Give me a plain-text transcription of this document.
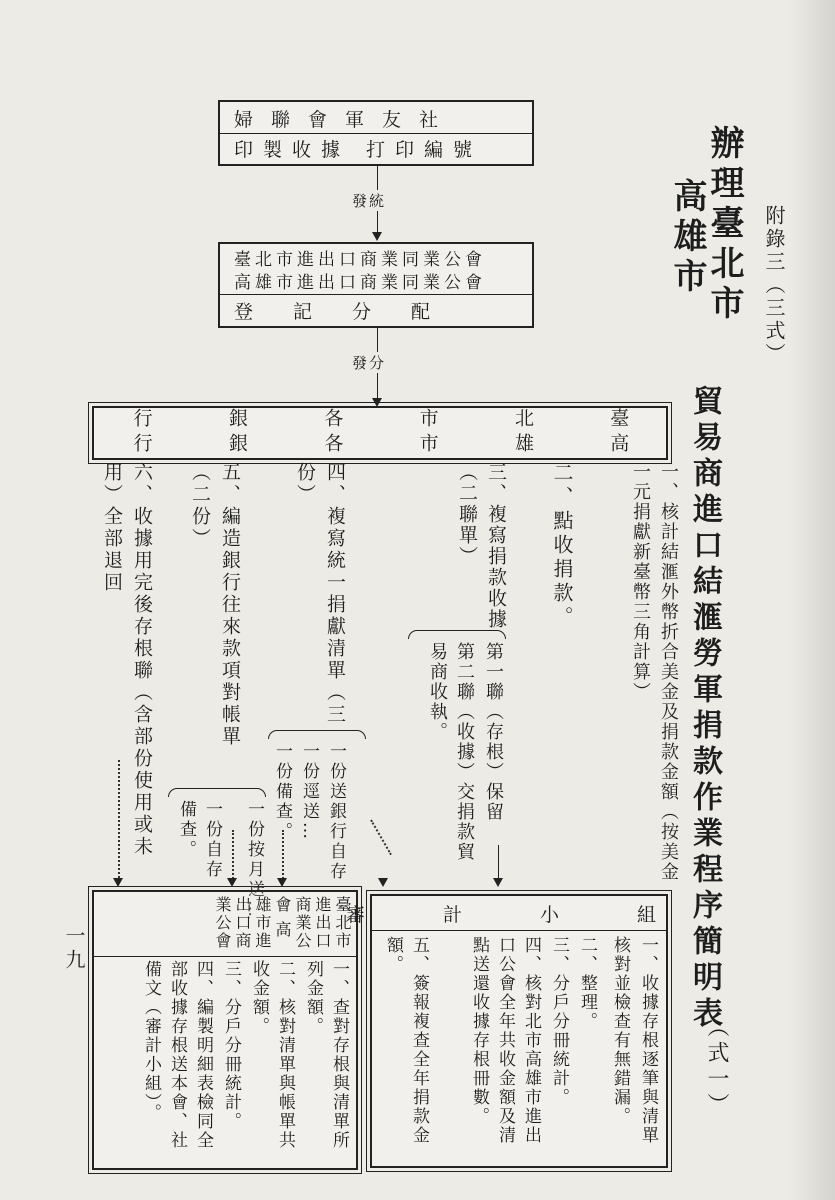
附錄三（三式）
辦理臺北市
高雄市
貿易商進口結滙勞軍捐款作業程序簡明表
（式一）
婦聯會軍友社
印製收據 打印編號
發統
臺北市進出口商業同業公會
高雄市進出口商業同業公會
登記分配
發分
臺高
北雄
市市
各各
銀銀
行行
一、核計結滙外幣折合美金及捐款金額（按美金一元捐獻新臺幣三角計算）
二、點收捐款。
三、複寫捐款收據（二聯單）
第一聯（存根）保留
第二聯（收據）交捐款貿易商收執。
四、複寫統一捐獻清單（三份）
一份送銀行自存
一份逕送…
一份備查。
五、編造銀行往來款項對帳單（二份）
一份按月送…
一份自存
備查。
六、收據用完後存根聯（含部份使用或未用）全部退回
臺北市進出口商業公會 高雄市進出口商業公會
一、查對存根與清單所列金額。
二、核對清單與帳單共收金額。
三、分戶分冊統計。
四、編製明細表檢同全部收據存根送本會、社備文（審計小組）。
審 計 小 組
一、收據存根逐筆與清單核對並檢查有無錯漏。
二、整理。
三、分戶分冊統計。
四、核對北市高雄市進出口公會全年共收金額及清點送還收據存根冊數。
五、簽報複查全年捐款金額。
一九
